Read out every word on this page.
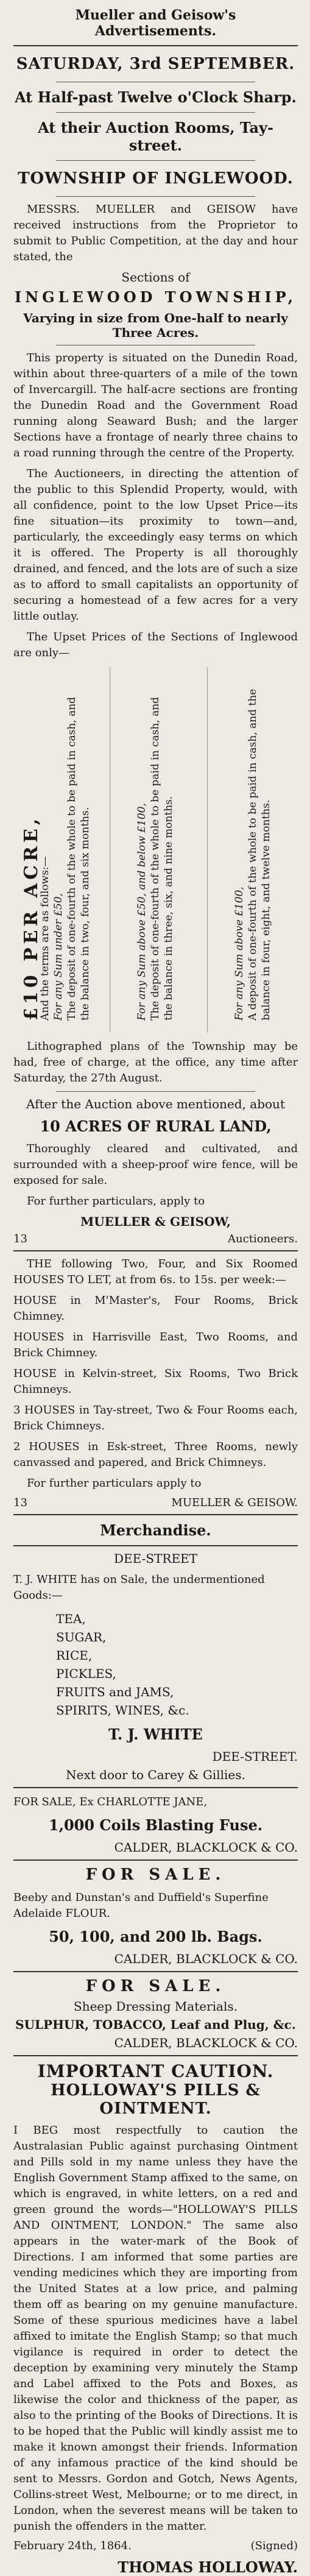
Mueller and Geisow's Advertisements.
SATURDAY, 3rd SEPTEMBER.
At Half-past Twelve o'Clock Sharp.
At their Auction Rooms, Tay-street.
TOWNSHIP OF INGLEWOOD.

MESSRS. MUELLER and GEISOW have received instructions from the Proprietor to submit to Public Competition, at the day and hour stated, the

Sections of
INGLEWOOD TOWNSHIP,
Varying in size from One-half to nearly Three Acres.

This property is situated on the Dunedin Road, within about three-quarters of a mile of the town of Invercargill. The half-acre sections are fronting the Dunedin Road and the Government Road running along Seaward Bush; and the larger Sections have a frontage of nearly three chains to a road running through the centre of the Property.

The Auctioneers, in directing the attention of the public to this Splendid Property, would, with all confidence, point to the low Upset Price—its fine situation—its proximity to town—and, particularly, the exceedingly easy terms on which it is offered. The Property is all thoroughly drained, and fenced, and the lots are of such a size as to afford to small capitalists an opportunity of securing a homestead of a few acres for a very little outlay.

The Upset Prices of the Sections of Inglewood are only—

£10 PER ACRE,
And the terms are as follows:— For any Sum under £50, The deposit of one-fourth of the whole to be paid in cash, and the balance in two, four, and six months.	For any Sum above £50, and below £100, The deposit of one-fourth of the whole to be paid in cash, and the balance in three, six, and nine months.	For any Sum above £100, A deposit of one-fourth of the whole to be paid in cash, and the balance in four, eight, and twelve months.

Lithographed plans of the Township may be had, free of charge, at the office, any time after Saturday, the 27th August.

After the Auction above mentioned, about
10 ACRES OF RURAL LAND,

Thoroughly cleared and cultivated, and surrounded with a sheep-proof wire fence, will be exposed for sale.

For further particulars, apply to

MUELLER & GEISOW,
13	Auctioneers.

THE following Two, Four, and Six Roomed HOUSES TO LET, at from 6s. to 15s. per week:—

HOUSE in M'Master's, Four Rooms, Brick Chimney.
HOUSES in Harrisville East, Two Rooms, and Brick Chimney.
HOUSE in Kelvin-street, Six Rooms, Two Brick Chimneys.
3 HOUSES in Tay-street, Two & Four Rooms each, Brick Chimneys.
2 HOUSES in Esk-street, Three Rooms, newly canvassed and papered, and Brick Chimneys.

For further particulars apply to

13	MUELLER & GEISOW.
Merchandise.
DEE-STREET
T. J. WHITE has on Sale, the undermentioned Goods:—
TEA,
SUGAR,
RICE,
PICKLES,
FRUITS and JAMS,
SPIRITS, WINES, &c.
T. J. WHITE
DEE-STREET.
Next door to Carey & Gillies.
FOR SALE, Ex CHARLOTTE JANE,
1,000 Coils Blasting Fuse.
CALDER, BLACKLOCK & CO.
FOR SALE.
Beeby and Dunstan's and Duffield's Superfine Adelaide FLOUR.
50, 100, and 200 lb. Bags.
CALDER, BLACKLOCK & CO.
FOR SALE.
Sheep Dressing Materials.
SULPHUR, TOBACCO, Leaf and Plug, &c.
CALDER, BLACKLOCK & CO.
IMPORTANT CAUTION.
HOLLOWAY'S PILLS & OINTMENT.

I BEG most respectfully to caution the Australasian Public against purchasing Ointment and Pills sold in my name unless they have the English Government Stamp affixed to the same, on which is engraved, in white letters, on a red and green ground the words—"HOLLOWAY'S PILLS AND OINTMENT, LONDON." The same also appears in the water-mark of the Book of Directions. I am informed that some parties are vending medicines which they are importing from the United States at a low price, and palming them off as bearing on my genuine manufacture. Some of these spurious medicines have a label affixed to imitate the English Stamp; so that much vigilance is required in order to detect the deception by examining very minutely the Stamp and Label affixed to the Pots and Boxes, as likewise the color and thickness of the paper, as also to the printing of the Books of Directions. It is to be hoped that the Public will kindly assist me to make it known amongst their friends. Information of any infamous practice of the kind should be sent to Messrs. Gordon and Gotch, News Agents, Collins-street West, Melbourne; or to me direct, in London, when the severest means will be taken to punish the offenders in the matter.

February 24th, 1864.	(Signed)
THOMAS HOLLOWAY.
